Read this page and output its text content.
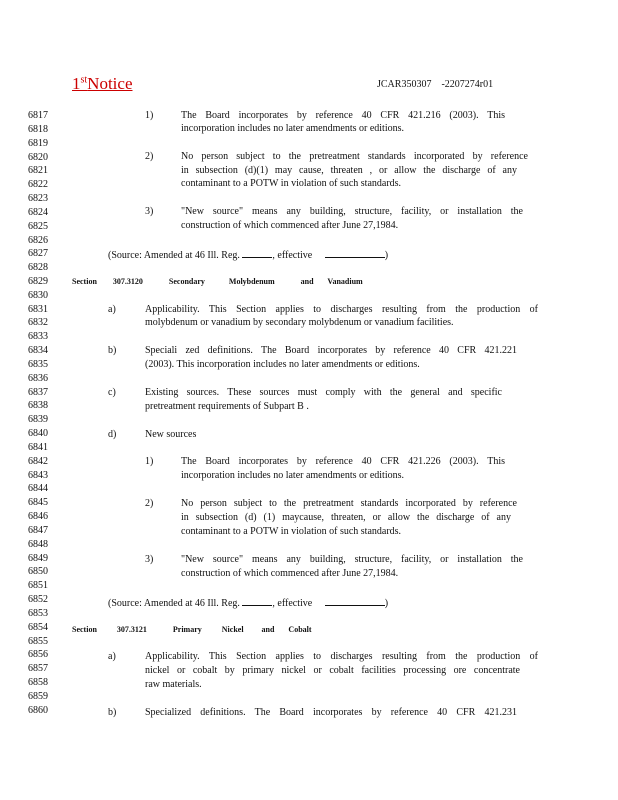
1stNotice	JCAR350307    -2207274r01
6817
6818
6819
6820
6821
6822
6823
6824
6825
6826
6827
6828
6829
6830
6831
6832
6833
6834
6835
6836
6837
6838
6839
6840
6841
6842
6843
6844
6845
6846
6847
6848
6849
6850
6851
6852
6853
6854
6855
6856
6857
6858
6859
6860
1)	The Board incorporates by reference 40 CFR 421.216 (2003). This
incorporation includes no later amendments or editions.
2)	No person subject to the pretreatment standards incorporated by reference
in subsection (d)(1) may cause, threaten , or allow the discharge of any
contaminant to a POTW in violation of such standards.
3)	"New source" means any building, structure, facility, or installation the
construction of which commenced after June 27,1984.
(Source: Amended at 46 Ill. Reg.	, effective	)
Section        307.3120             Secondary            Molybdenum             and       Vanadium
a)	Applicability. This Section applies to discharges resulting from the production of
molybdenum or vanadium by secondary molybdenum or vanadium facilities.
b)	Speciali zed definitions. The Board incorporates by reference 40 CFR 421.221
(2003). This incorporation includes no later amendments or editions.
c)	Existing sources. These sources must comply with the general and specific
pretreatment requirements of Subpart B .
d)	New sources
1)	The Board incorporates by reference 40 CFR 421.226 (2003). This
incorporation includes no later amendments or editions.
2)	No person subject to the pretreatment standards incorporated by reference
in subsection (d) (1) maycause, threaten, or allow the discharge of any
contaminant to a POTW in violation of such standards.
3)	"New source" means any building, structure, facility, or installation the
construction of which commenced after June 27,1984.
(Source: Amended at 46 Ill. Reg.	, effective	)
Section          307.3121             Primary          Nickel         and       Cobalt
a)	Applicability. This Section applies to discharges resulting from the production of
nickel or cobalt by primary nickel or cobalt facilities processing ore concentrate
raw materials.
b)	Specialized definitions. The Board incorporates by reference 40 CFR 421.231
